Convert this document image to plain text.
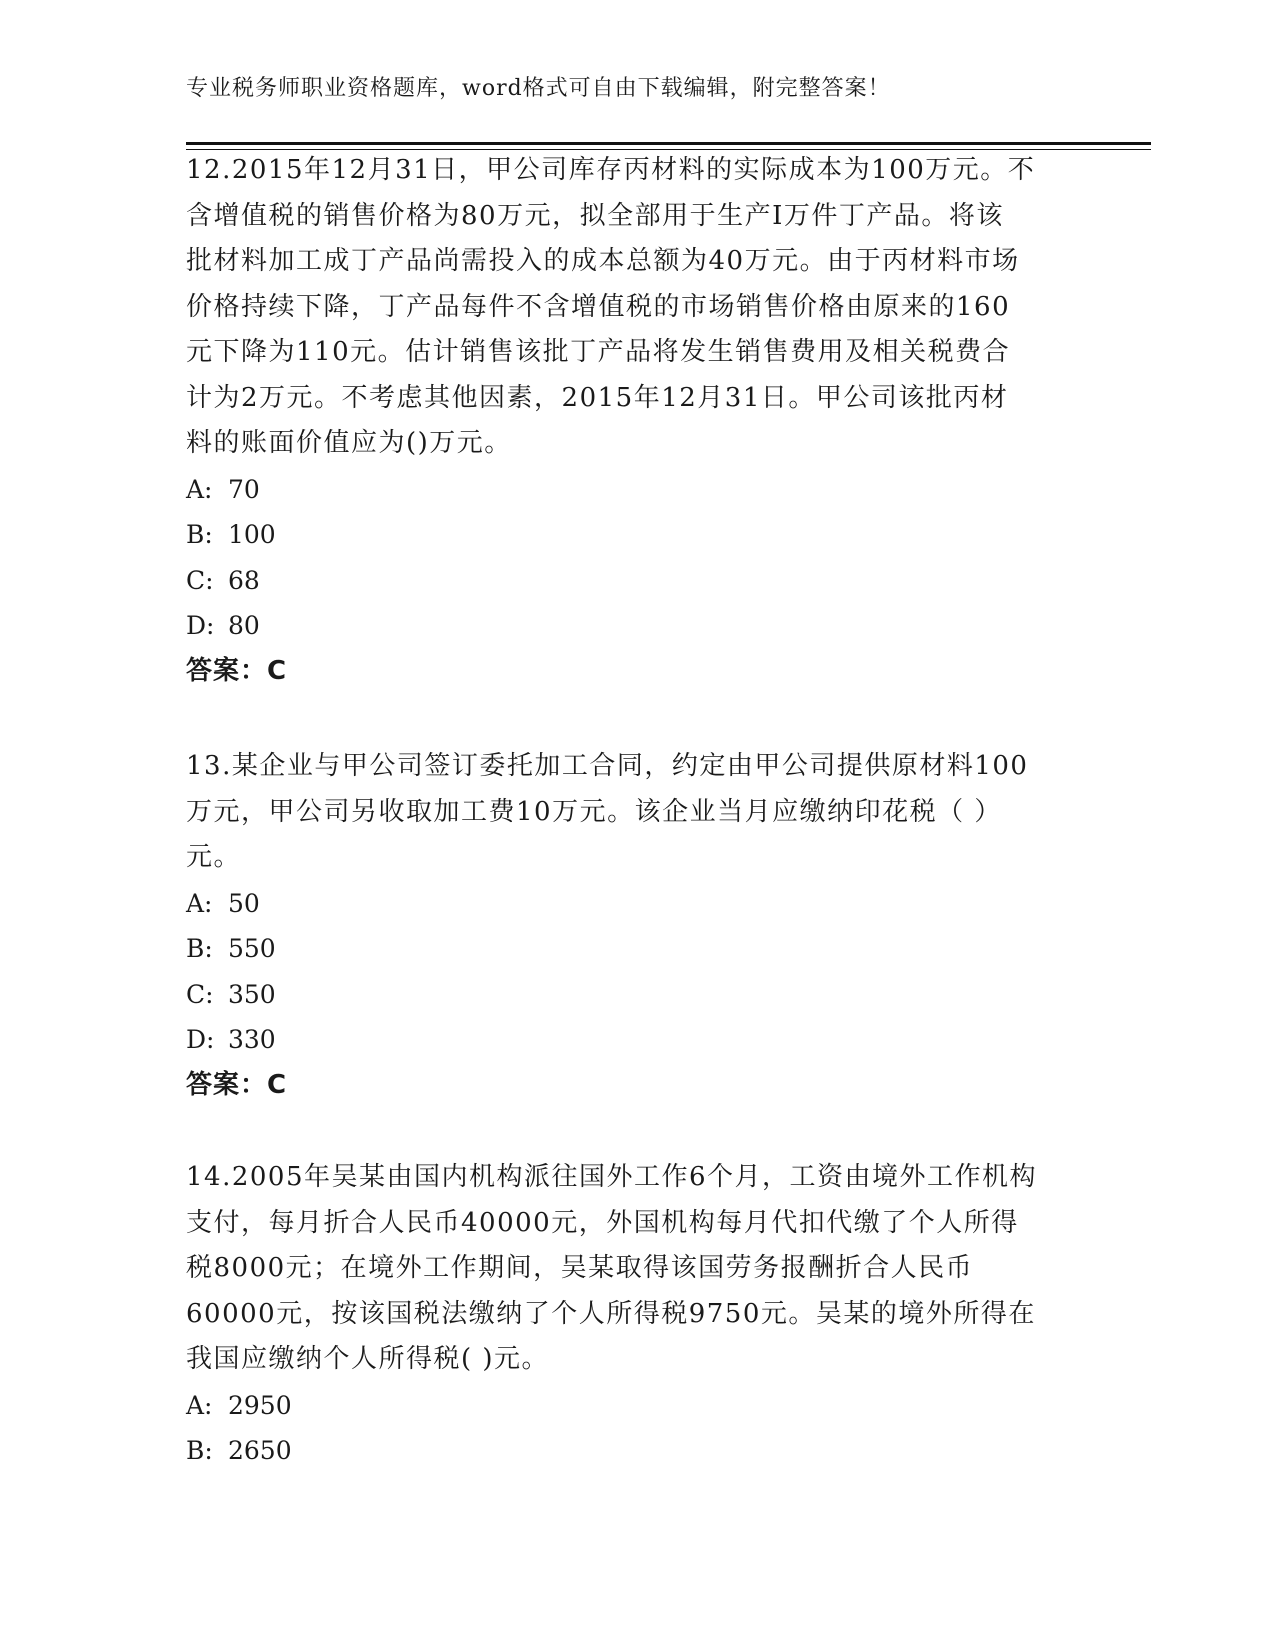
专业税务师职业资格题库，word格式可自由下载编辑，附完整答案！
12.2015年12月31日，甲公司库存丙材料的实际成本为100万元。不
含增值税的销售价格为80万元，拟全部用于生产I万件丁产品。将该
批材料加工成丁产品尚需投入的成本总额为40万元。由于丙材料市场
价格持续下降，丁产品每件不含增值税的市场销售价格由原来的160
元下降为110元。估计销售该批丁产品将发生销售费用及相关税费合
计为2万元。不考虑其他因素，2015年12月31日。甲公司该批丙材
料的账面价值应为()万元。
A: 70
B: 100
C: 68
D: 80
答案：C
13.某企业与甲公司签订委托加工合同，约定由甲公司提供原材料100
万元，甲公司另收取加工费10万元。该企业当月应缴纳印花税（ ）
元。
A: 50
B: 550
C: 350
D: 330
答案：C
14.2005年吴某由国内机构派往国外工作6个月，工资由境外工作机构
支付，每月折合人民币40000元，外国机构每月代扣代缴了个人所得
税8000元；在境外工作期间，吴某取得该国劳务报酬折合人民币
60000元，按该国税法缴纳了个人所得税9750元。吴某的境外所得在
我国应缴纳个人所得税( )元。
A: 2950
B: 2650
